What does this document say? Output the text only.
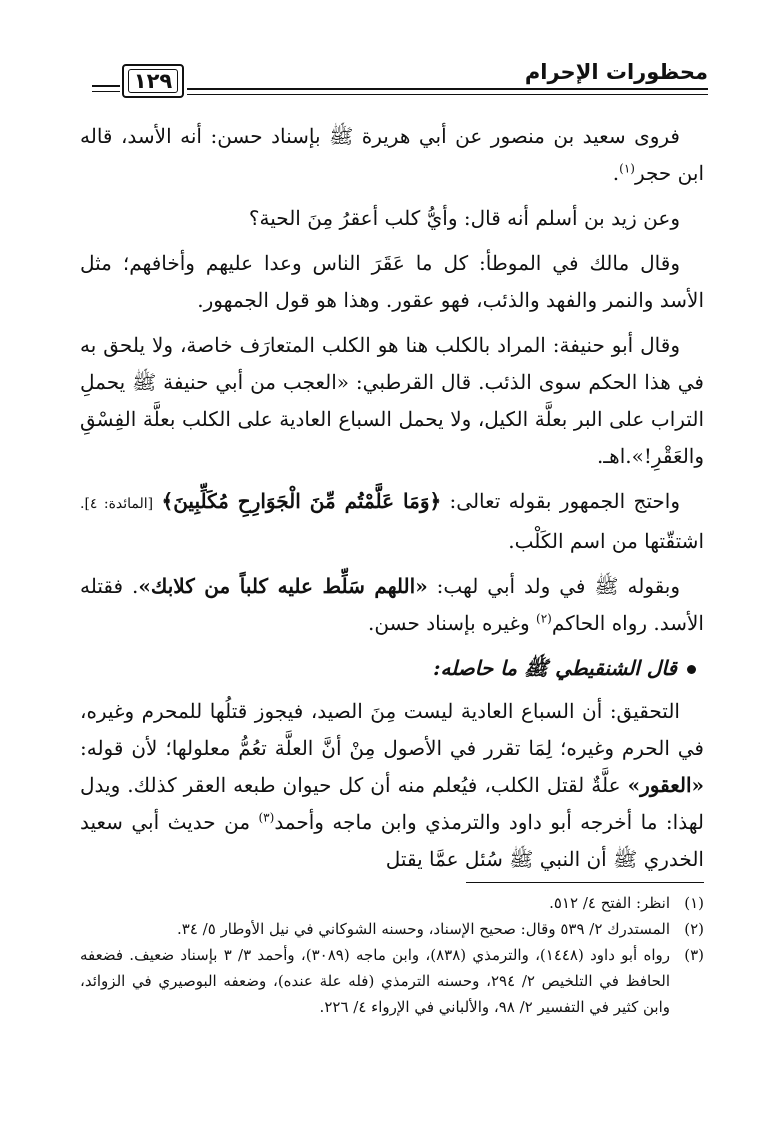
محظورات الإحرام
١٢٩

فروى سعيد بن منصور عن أبي هريرة ﷺ بإسناد حسن: أنه الأسد، قاله ابن حجر$^{(١)}$.

وعن زيد بن أسلم أنه قال: وأيُّ كلب أعقرُ مِنَ الحية؟

وقال مالك في الموطأ: كل ما عَقَرَ الناس وعدا عليهم وأخافهم؛ مثل الأسد والنمر والفهد والذئب، فهو عقور. وهذا هو قول الجمهور.

وقال أبو حنيفة: المراد بالكلب هنا هو الكلب المتعارَف خاصة، ولا يلحق به في هذا الحكم سوى الذئب. قال القرطبي: «العجب من أبي حنيفة ﷺ يحملِ التراب على البر بعلَّة الكيل، ولا يحمل السباع العادية على الكلب بعلَّة الفِسْقِ والعَقْرِ!».اهـ.

واحتج الجمهور بقوله تعالى: ﴿وَمَا عَلَّمْتُم مِّنَ الْجَوَارِحِ مُكَلِّبِينَ﴾ [المائدة: ٤]. اشتقّتها من اسم الكَلْب.

وبقوله ﷺ في ولد أبي لهب: «اللهم سَلِّط عليه كلباً من كلابك». فقتله الأسد. رواه الحاكم$^{(٢)}$ وغيره بإسناد حسن.

قال الشنقيطي ﷺ ما حاصله:

التحقيق: أن السباع العادية ليست مِنَ الصيد، فيجوز قتلُها للمحرم وغيره، في الحرم وغيره؛ لِمَا تقرر في الأصول مِنْ أنَّ العلَّة تعُمُّ معلولها؛ لأن قوله: «العقور» علَّةٌ لقتل الكلب، فيُعلم منه أن كل حيوان طبعه العقر كذلك. ويدل لهذا: ما أخرجه أبو داود والترمذي وابن ماجه وأحمد$^{(٣)}$ من حديث أبي سعيد الخدري ﷺ أن النبي ﷺ سُئل عمَّا يقتل

(١)
انظر: الفتح ٤/ ٥١٢.

(٢)
المستدرك ٢/ ٥٣٩ وقال: صحيح الإسناد، وحسنه الشوكاني في نيل الأوطار ٥/ ٣٤.

(٣)
رواه أبو داود (١٤٤٨)، والترمذي (٨٣٨)، وابن ماجه (٣٠٨٩)، وأحمد ٣/ ٣ بإسناد ضعيف. فضعفه الحافظ في التلخيص ٢/ ٢٩٤، وحسنه الترمذي (فله علة عنده)، وضعفه البوصيري في الزوائد، وابن كثير في التفسير ٢/ ٩٨، والألباني في الإرواء ٤/ ٢٢٦.
